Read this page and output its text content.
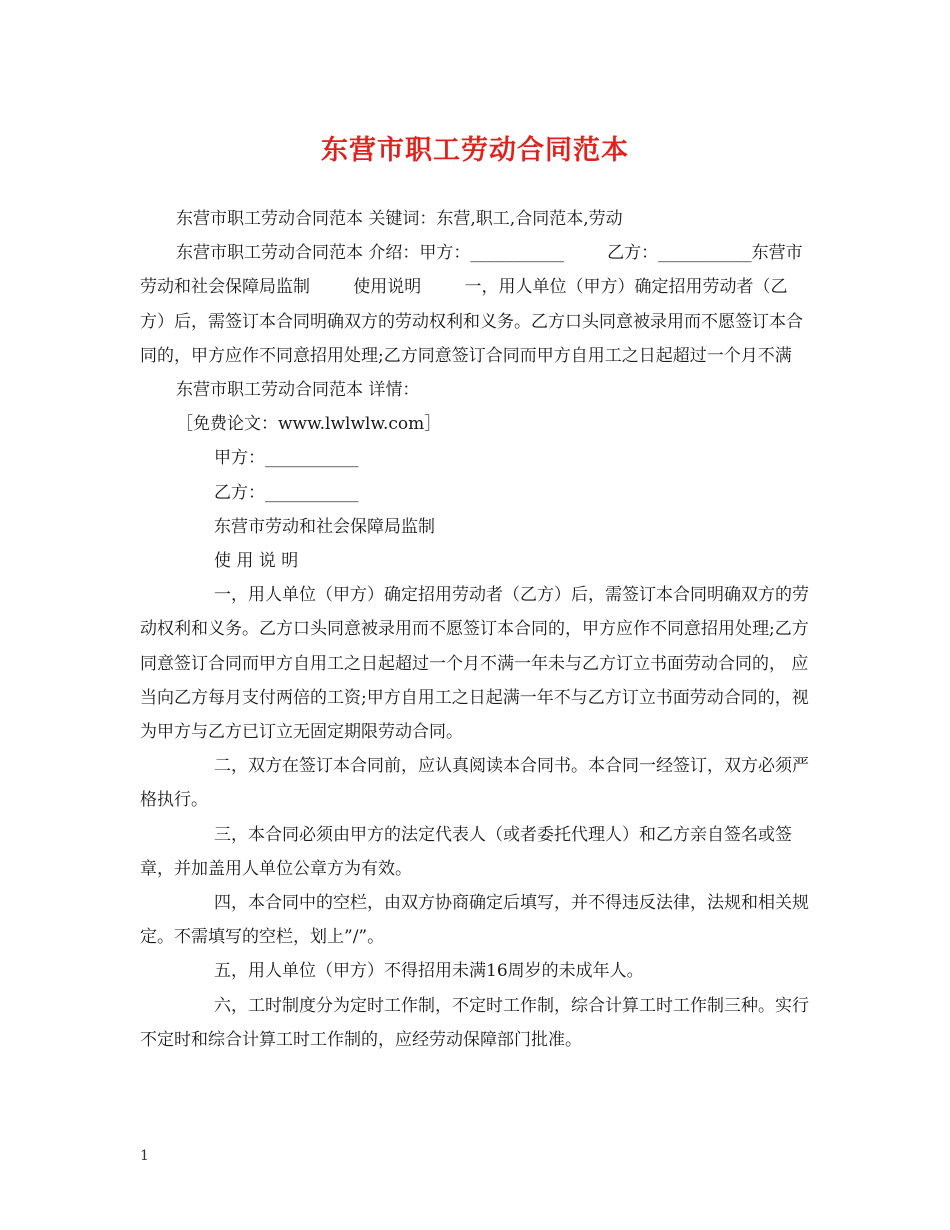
东营市职工劳动合同范本

东营市职工劳动合同范本 关键词：东营,职工,合同范本,劳动

东营市职工劳动合同范本 介绍：甲方：___________        乙方：___________东营市劳动和社会保障局监制        使用说明        一，用人单位（甲方）确定招用劳动者（乙方）后，需签订本合同明确双方的劳动权利和义务。乙方口头同意被录用而不愿签订本合同的，甲方应作不同意招用处理;乙方同意签订合同而甲方自用工之日起超过一个月不满

东营市职工劳动合同范本 详情：

［免费论文：www.lwlwlw.com］

甲方：___________

乙方：___________

东营市劳动和社会保障局监制

使 用 说 明

一，用人单位（甲方）确定招用劳动者（乙方）后，需签订本合同明确双方的劳动权利和义务。乙方口头同意被录用而不愿签订本合同的，甲方应作不同意招用处理;乙方同意签订合同而甲方自用工之日起超过一个月不满一年未与乙方订立书面劳动合同的， 应当向乙方每月支付两倍的工资;甲方自用工之日起满一年不与乙方订立书面劳动合同的，视为甲方与乙方已订立无固定期限劳动合同。

二，双方在签订本合同前，应认真阅读本合同书。本合同一经签订，双方必须严格执行。

三，本合同必须由甲方的法定代表人（或者委托代理人）和乙方亲自签名或签章，并加盖用人单位公章方为有效。

四，本合同中的空栏，由双方协商确定后填写，并不得违反法律，法规和相关规定。不需填写的空栏，划上”/”。

五，用人单位（甲方）不得招用未满16周岁的未成年人。

六，工时制度分为定时工作制，不定时工作制，综合计算工时工作制三种。实行不定时和综合计算工时工作制的，应经劳动保障部门批准。

1
